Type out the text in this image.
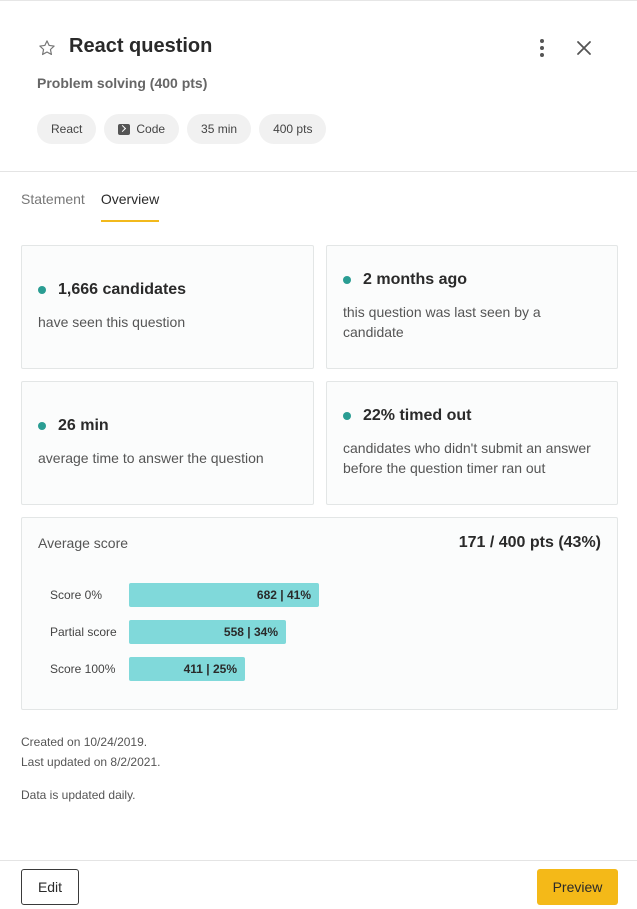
React question
Problem solving (400 pts)
React	Code	35 min	400 pts
Statement Overview
1,666 candidates
have seen this question
2 months ago
this question was last seen by a candidate
26 min
average time to answer the question
22% timed out
candidates who didn't submit an answer before the question timer ran out
Average score	171 / 400 pts (43%)
Score 0%	682 | 41%
Partial score	558 | 34%
Score 100%	411 | 25%
Created on 10/24/2019.
Last updated on 8/2/2021.
Data is updated daily.
Edit	Preview
